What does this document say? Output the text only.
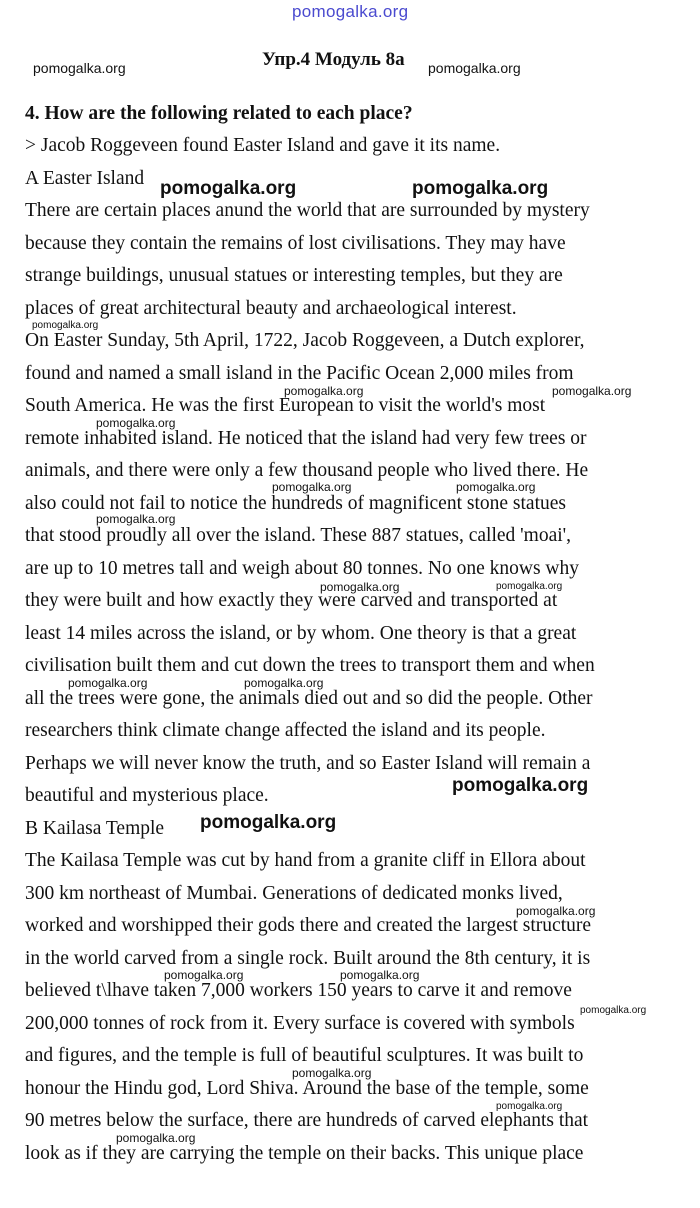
pomogalka.org
pomogalka.org	Упр.4 Модуль 8а pomogalka.org
4. How are the following related to each place?
> Jacob Roggeveen found Easter Island and gave it its name.
A Easter Island pomogalka.org	pomogalka.org
There are certain places anund the world that are surrounded by mystery
because they contain the remains of lost civilisations. They may have
strange buildings, unusual statues or interesting temples, but they are
places of great architectural beauty and archaeological interest.
pomogalka.org
On Easter Sunday, 5th April, 1722, Jacob Roggeveen, a Dutch explorer,
found and named a small island in the Pacific Ocean 2,000 miles from
pomogalka.org	pomogalka.org
South America. He was the first European to visit the world's most
pomogalka.org
remote inhabited island. He noticed that the island had very few trees or
animals, and there were only a few thousand people who lived there. He
pomogalka.org	pomogalka.org
also could not fail to notice the hundreds of magnificent stone statues
pomogalka.org
that stood proudly all over the island. These 887 statues, called 'moai',
are up to 10 metres tall and weigh about 80 tonnes. No one knows why
pomogalka.org	pomogalka.org
they were built and how exactly they were carved and transported at
least 14 miles across the island, or by whom. One theory is that a great
civilisation built them and cut down the trees to transport them and when
pomogalka.org	pomogalka.org
all the trees were gone, the animals died out and so did the people. Other
researchers think climate change affected the island and its people.
Perhaps we will never know the truth, and so Easter Island will remain a
pomogalka.org
beautiful and mysterious place.
B Kailasa Temple pomogalka.org
The Kailasa Temple was cut by hand from a granite cliff in Ellora about
300 km northeast of Mumbai. Generations of dedicated monks lived,
pomogalka.org
worked and worshipped their gods there and created the largest structure
in the world carved from a single rock. Built around the 8th century, it is
pomogalka.org	pomogalka.org
believed t\lhave taken 7,000 workers 150 years to carve it and remove
pomogalka.org
200,000 tonnes of rock from it. Every surface is covered with symbols
and figures, and the temple is full of beautiful sculptures. It was built to
pomogalka.org
honour the Hindu god, Lord Shiva. Around the base of the temple, some
pomogalka.org
90 metres below the surface, there are hundreds of carved elephants that
pomogalka.org
look as if they are carrying the temple on their backs. This unique place
